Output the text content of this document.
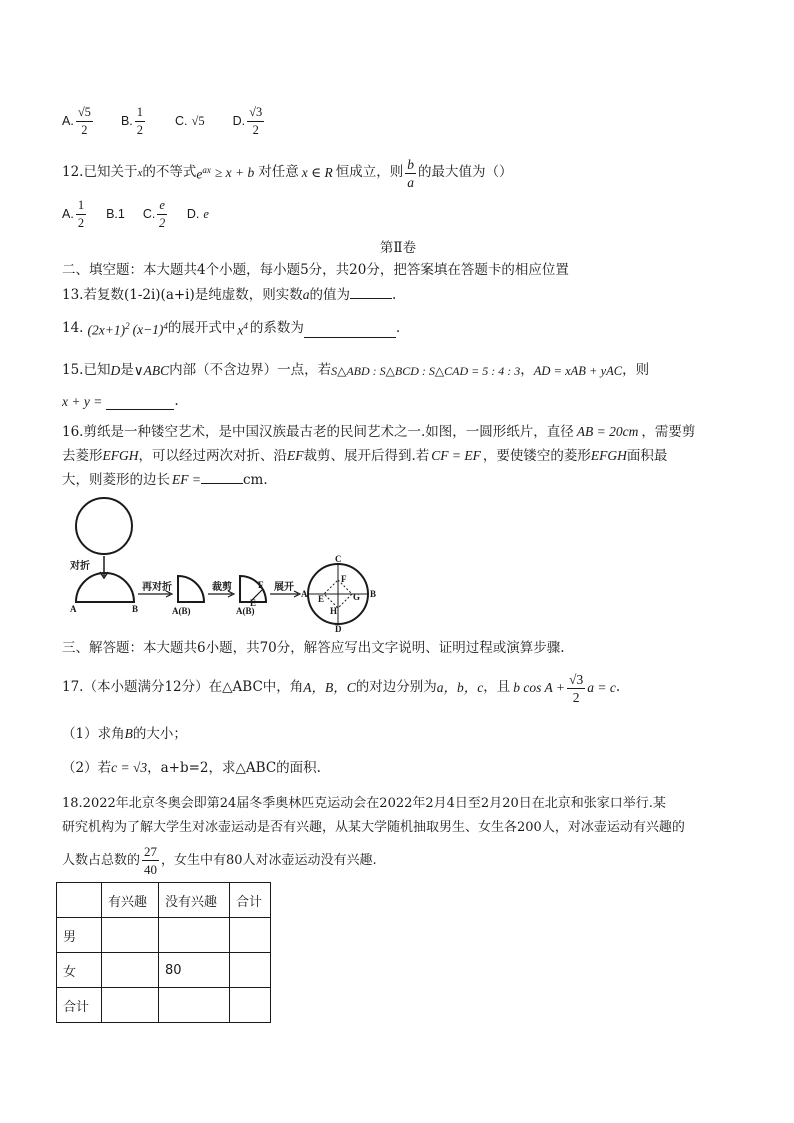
A. $\frac{√5}{2} B$. $\frac{1}{2} C$. √5 D. $\frac{√3}{2}$
12.已知关于 x 的不等式 $e^{ax} \ge x + b$ 对任意 x ∈ R 恒成立，则 $\frac{b}{a}$ 的最大值为（）
A. $\frac{1}{2} B.1$ C. $\frac{e}{2} D$. e
第Ⅱ卷
二、填空题：本大题共4个小题，每小题5分，共20分，把答案填在答题卡的相应位置
13.若复数(1-2i)(a+i)是纯虚数，则实数a的值为	.
14. $(2x+1)^2$ $(x-1)^4$ 的展开式中 $x^4$ 的系数为	.
15.已知 D 是 ∨ABC 内部（不含边界）一点，若 S△ABD : S△BCD : S△CAD = 5 : 4 : 3 ， AD = xAB + yAC ，则
x + y =	.
16.剪纸是一种镂空艺术，是中国汉族最古老的民间艺术之一.如图，一圆形纸片，直径 AB = 20cm ，需要剪
去菱形EFGH，可以经过两次对折、沿EF裁剪、展开后得到.若 CF = EF ，要使镂空的菱形EFGH面积最
大，则菱形的边长 EF =	cm.
对折
再对折	裁剪	展开
A	B	A(B)	A(B)
F
E
C
D
A	B
F
E	G
H
三、解答题：本大题共6小题，共70分，解答应写出文字说明、证明过程或演算步骤.
17.（本小题满分12分）在△ABC中，角 A，B，C 的对边分别为 a，b，c ，且 b $\cos A + \frac{√3}{2}$ a = c .
（1）求角B的大小；
（2）若c = √3，a+b=2，求△ABC的面积.
18.2022年北京冬奥会即第24届冬季奥林匹克运动会在2022年2月4日至2月20日在北京和张家口举行.某
研究机构为了解大学生对冰壶运动是否有兴趣，从某大学随机抽取男生、女生各200人，对冰壶运动有兴趣的
人数占总数的 $\frac{27}{40}$ ，女生中有80人对冰壶运动没有兴趣.
	有兴趣	没有兴趣	合计
男			
女		80	
合计			
